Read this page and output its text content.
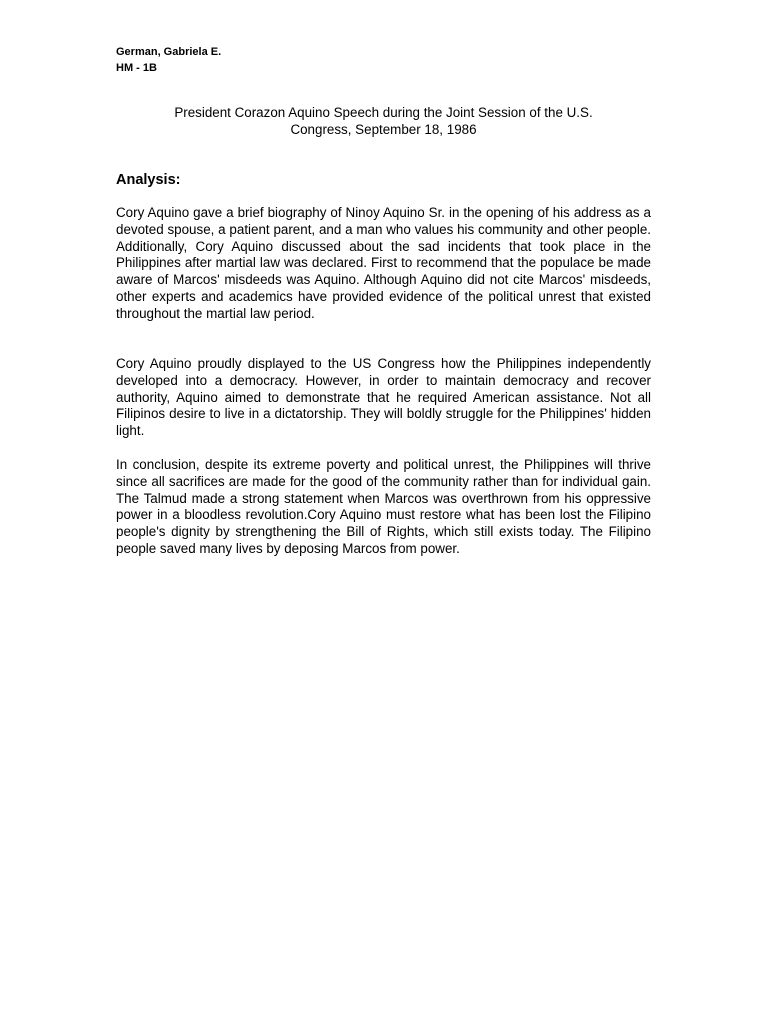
German, Gabriela E.
HM - 1B
President Corazon Aquino Speech during the Joint Session of the U.S.
Congress, September 18, 1986
Analysis:

Cory Aquino gave a brief biography of Ninoy Aquino Sr. in the opening of his address as a devoted spouse, a patient parent, and a man who values his community and other people. Additionally, Cory Aquino discussed about the sad incidents that took place in the Philippines after martial law was declared. First to recommend that the populace be made aware of Marcos' misdeeds was Aquino. Although Aquino did not cite Marcos' misdeeds, other experts and academics have provided evidence of the political unrest that existed throughout the martial law period.

Cory Aquino proudly displayed to the US Congress how the Philippines independently developed into a democracy. However, in order to maintain democracy and recover authority, Aquino aimed to demonstrate that he required American assistance. Not all Filipinos desire to live in a dictatorship. They will boldly struggle for the Philippines' hidden light.

In conclusion, despite its extreme poverty and political unrest, the Philippines will thrive since all sacrifices are made for the good of the community rather than for individual gain. The Talmud made a strong statement when Marcos was overthrown from his oppressive power in a bloodless revolution.Cory Aquino must restore what has been lost the Filipino people's dignity by strengthening the Bill of Rights, which still exists today. The Filipino people saved many lives by deposing Marcos from power.
